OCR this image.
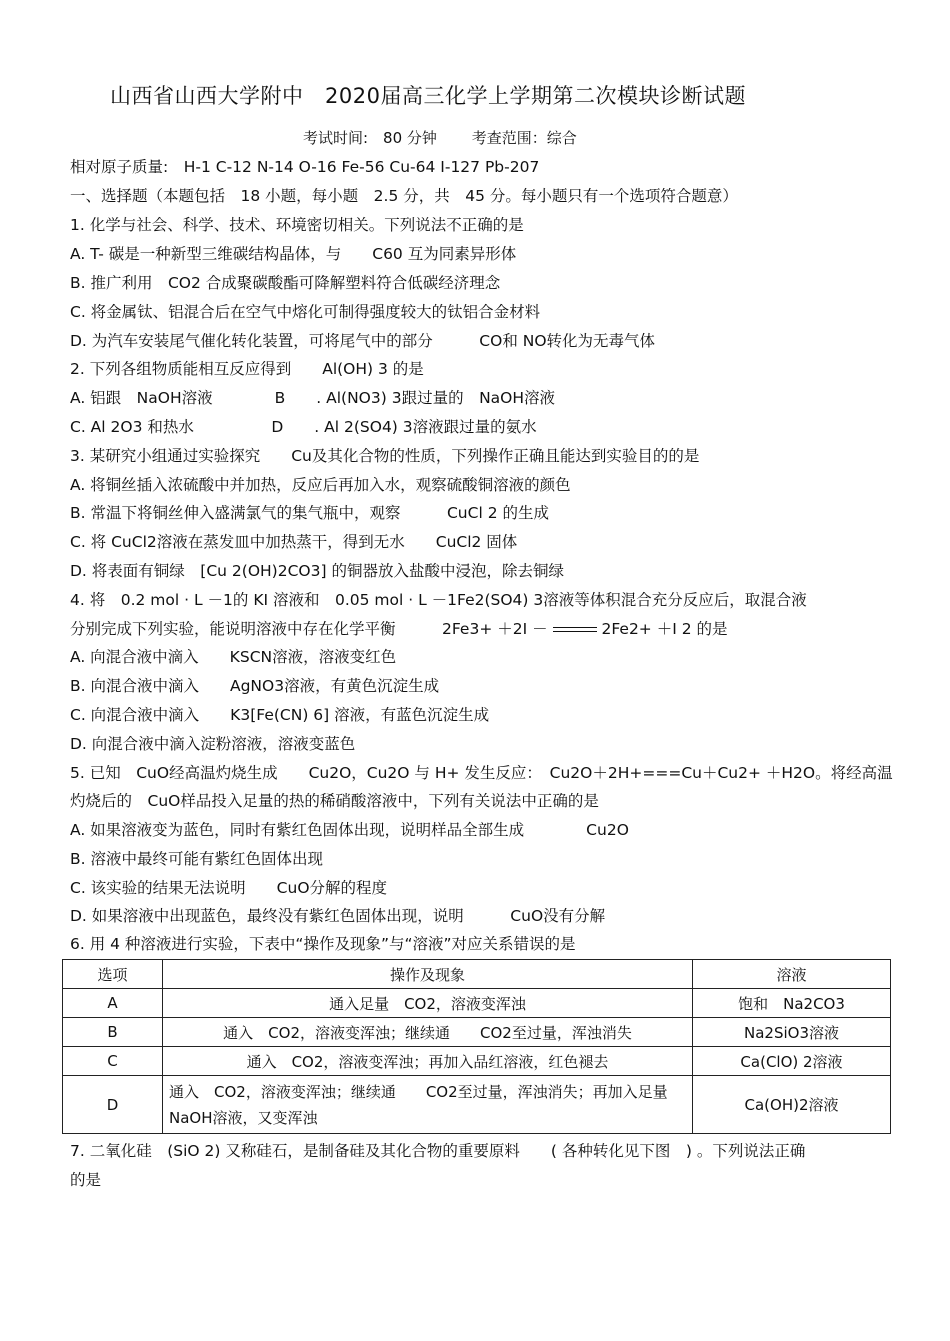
山西省山西大学附中　2020届高三化学上学期第二次模块诊断试题
考试时间:　80 分钟 考查范围：综合
相对原子质量:　H-1 C-12 N-14 O-16 Fe-56 Cu-64 I-127 Pb-207
一、选择题（本题包括　18 小题，每小题　2.5 分，共　45 分。每小题只有一个选项符合题意）
1. 化学与社会、科学、技术、环境密切相关。下列说法不正确的是
A. T- 碳是一种新型三维碳结构晶体，与　　C60 互为同素异形体
B. 推广利用　CO2 合成聚碳酸酯可降解塑料符合低碳经济理念
C. 将金属钛、铝混合后在空气中熔化可制得强度较大的钛铝合金材料
D. 为汽车安装尾气催化转化装置，可将尾气中的部分　　　CO和 NO转化为无毒气体
2. 下列各组物质能相互反应得到　　Al(OH) 3 的是
A. 铝跟　NaOH溶液　　　　B　　. Al(NO3) 3跟过量的　NaOH溶液
C. Al 2O3 和热水　　　　　D　　. Al 2(SO4) 3溶液跟过量的氨水
3. 某研究小组通过实验探究　　Cu及其化合物的性质，下列操作正确且能达到实验目的的是
A. 将铜丝插入浓硫酸中并加热，反应后再加入水，观察硫酸铜溶液的颜色
B. 常温下将铜丝伸入盛满氯气的集气瓶中，观察　　　CuCl 2 的生成
C. 将 CuCl2溶液在蒸发皿中加热蒸干，得到无水　　CuCl2 固体
D. 将表面有铜绿　[Cu 2(OH)2CO3] 的铜器放入盐酸中浸泡，除去铜绿
4. 将　0.2 mol · L －1的 KI 溶液和　0.05 mol · L －1Fe2(SO4) 3溶液等体积混合充分反应后，取混合液
分别完成下列实验，能说明溶液中存在化学平衡　　　2Fe3+ ＋2I －	2Fe2+ ＋I 2 的是
A. 向混合液中滴入　　KSCN溶液，溶液变红色
B. 向混合液中滴入　　AgNO3溶液，有黄色沉淀生成
C. 向混合液中滴入　　K3[Fe(CN) 6] 溶液，有蓝色沉淀生成
D. 向混合液中滴入淀粉溶液，溶液变蓝色
5. 已知　CuO经高温灼烧生成　　Cu2O，Cu2O 与 H+ 发生反应：　Cu2O＋2H+===Cu＋Cu2+ ＋H2O。将经高温
灼烧后的　CuO样品投入足量的热的稀硝酸溶液中，下列有关说法中正确的是
A. 如果溶液变为蓝色，同时有紫红色固体出现，说明样品全部生成　　　　Cu2O
B. 溶液中最终可能有紫红色固体出现
C. 该实验的结果无法说明　　CuO分解的程度
D. 如果溶液中出现蓝色，最终没有紫红色固体出现，说明　　　CuO没有分解
6. 用 4 种溶液进行实验，下表中“操作及现象”与“溶液”对应关系错误的是
选项	操作及现象	溶液
A	通入足量　CO2，溶液变浑浊	饱和　Na2CO3
B	通入　CO2，溶液变浑浊；继续通　　CO2至过量，浑浊消失	Na2SiO3溶液
C	通入　CO2，溶液变浑浊；再加入品红溶液，红色褪去	Ca(ClO) 2溶液
D	通入　CO2，溶液变浑浊；继续通　　CO2至过量，浑浊消失；再加入足量　NaOH溶液，又变浑浊	Ca(OH)2溶液
7. 二氧化硅　(SiO 2) 又称硅石，是制备硅及其化合物的重要原料　　( 各种转化见下图　) 。下列说法正确
的是
